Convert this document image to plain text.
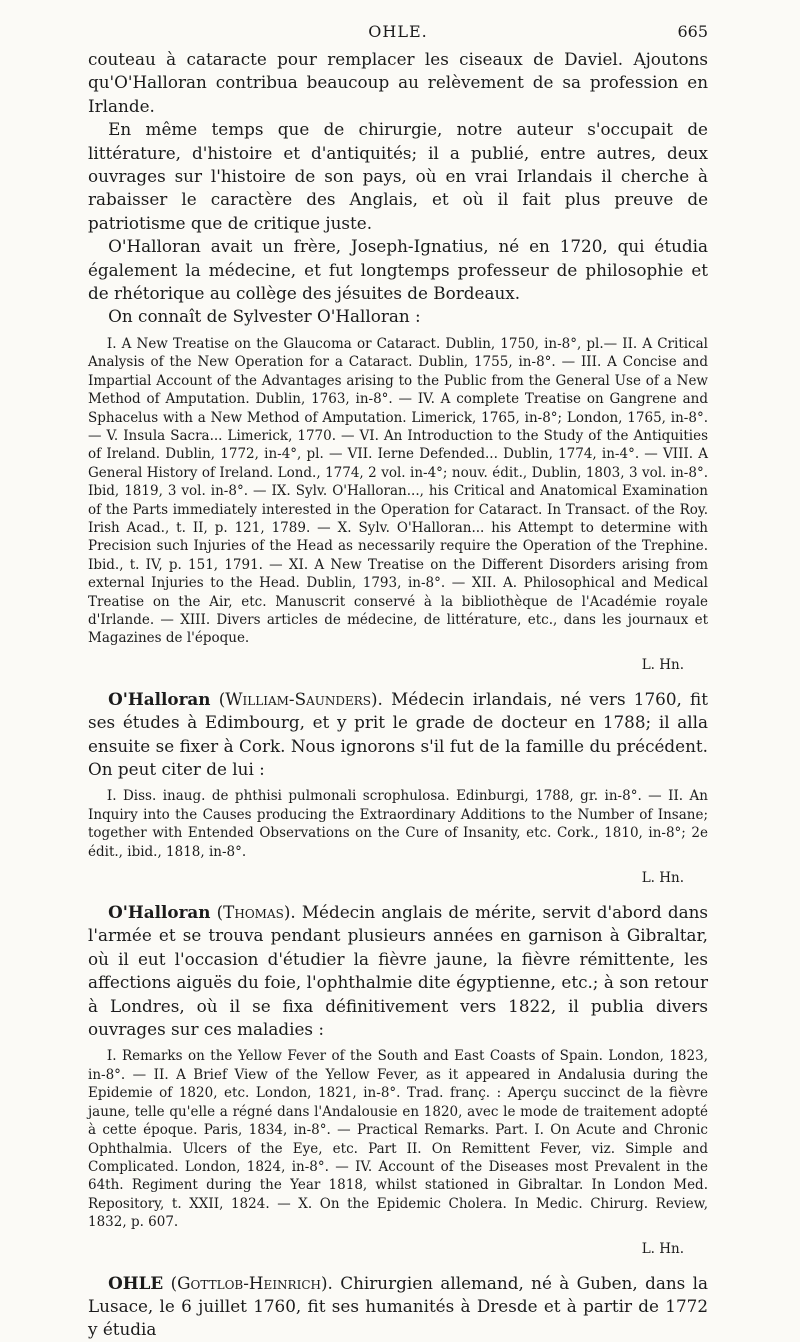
OHLE.	665

couteau à cataracte pour remplacer les ciseaux de Daviel. Ajoutons qu'O'Halloran contribua beaucoup au relèvement de sa profession en Irlande.

En même temps que de chirurgie, notre auteur s'occupait de littérature, d'histoire et d'antiquités; il a publié, entre autres, deux ouvrages sur l'histoire de son pays, où en vrai Irlandais il cherche à rabaisser le caractère des Anglais, et où il fait plus preuve de patriotisme que de critique juste.

O'Halloran avait un frère, Joseph-Ignatius, né en 1720, qui étudia également la médecine, et fut longtemps professeur de philosophie et de rhétorique au collège des jésuites de Bordeaux.

On connaît de Sylvester O'Halloran :

I. A New Treatise on the Glaucoma or Cataract. Dublin, 1750, in-8°, pl.— II. A Critical Analysis of the New Operation for a Cataract. Dublin, 1755, in-8°. — III. A Concise and Impartial Account of the Advantages arising to the Public from the General Use of a New Method of Amputation. Dublin, 1763, in-8°. — IV. A complete Treatise on Gangrene and Sphacelus with a New Method of Amputation. Limerick, 1765, in-8°; London, 1765, in-8°. — V. Insula Sacra... Limerick, 1770. — VI. An Introduction to the Study of the Antiquities of Ireland. Dublin, 1772, in-4°, pl. — VII. Ierne Defended... Dublin, 1774, in-4°. — VIII. A General History of Ireland. Lond., 1774, 2 vol. in-4°; nouv. édit., Dublin, 1803, 3 vol. in-8°. Ibid, 1819, 3 vol. in-8°. — IX. Sylv. O'Halloran..., his Critical and Anatomical Examination of the Parts immediately interested in the Operation for Cataract. In Transact. of the Roy. Irish Acad., t. II, p. 121, 1789. — X. Sylv. O'Halloran... his Attempt to determine with Precision such Injuries of the Head as necessarily require the Operation of the Trephine. Ibid., t. IV, p. 151, 1791. — XI. A New Treatise on the Different Disorders arising from external Injuries to the Head. Dublin, 1793, in-8°. — XII. A. Philosophical and Medical Treatise on the Air, etc. Manuscrit conservé à la bibliothèque de l'Académie royale d'Irlande. — XIII. Divers articles de médecine, de littérature, etc., dans les journaux et Magazines de l'époque.

L. Hn.

O'Halloran (William-Saunders). Médecin irlandais, né vers 1760, fit ses études à Edimbourg, et y prit le grade de docteur en 1788; il alla ensuite se fixer à Cork. Nous ignorons s'il fut de la famille du précédent. On peut citer de lui :

I. Diss. inaug. de phthisi pulmonali scrophulosa. Edinburgi, 1788, gr. in-8°. — II. An Inquiry into the Causes producing the Extraordinary Additions to the Number of Insane; together with Entended Observations on the Cure of Insanity, etc. Cork., 1810, in-8°; 2e édit., ibid., 1818, in-8°.

L. Hn.

O'Halloran (Thomas). Médecin anglais de mérite, servit d'abord dans l'armée et se trouva pendant plusieurs années en garnison à Gibraltar, où il eut l'occasion d'étudier la fièvre jaune, la fièvre rémittente, les affections aiguës du foie, l'ophthalmie dite égyptienne, etc.; à son retour à Londres, où il se fixa définitivement vers 1822, il publia divers ouvrages sur ces maladies :

I. Remarks on the Yellow Fever of the South and East Coasts of Spain. London, 1823, in-8°. — II. A Brief View of the Yellow Fever, as it appeared in Andalusia during the Epidemie of 1820, etc. London, 1821, in-8°. Trad. franç. : Aperçu succinct de la fièvre jaune, telle qu'elle a régné dans l'Andalousie en 1820, avec le mode de traitement adopté à cette époque. Paris, 1834, in-8°. — Practical Remarks. Part. I. On Acute and Chronic Ophthalmia. Ulcers of the Eye, etc. Part II. On Remittent Fever, viz. Simple and Complicated. London, 1824, in-8°. — IV. Account of the Diseases most Prevalent in the 64th. Regiment during the Year 1818, whilst stationed in Gibraltar. In London Med. Repository, t. XXII, 1824. — X. On the Epidemic Cholera. In Medic. Chirurg. Review, 1832, p. 607.

L. Hn.

OHLE (Gottlob-Heinrich). Chirurgien allemand, né à Guben, dans la Lusace, le 6 juillet 1760, fit ses humanités à Dresde et à partir de 1772 y étudia
